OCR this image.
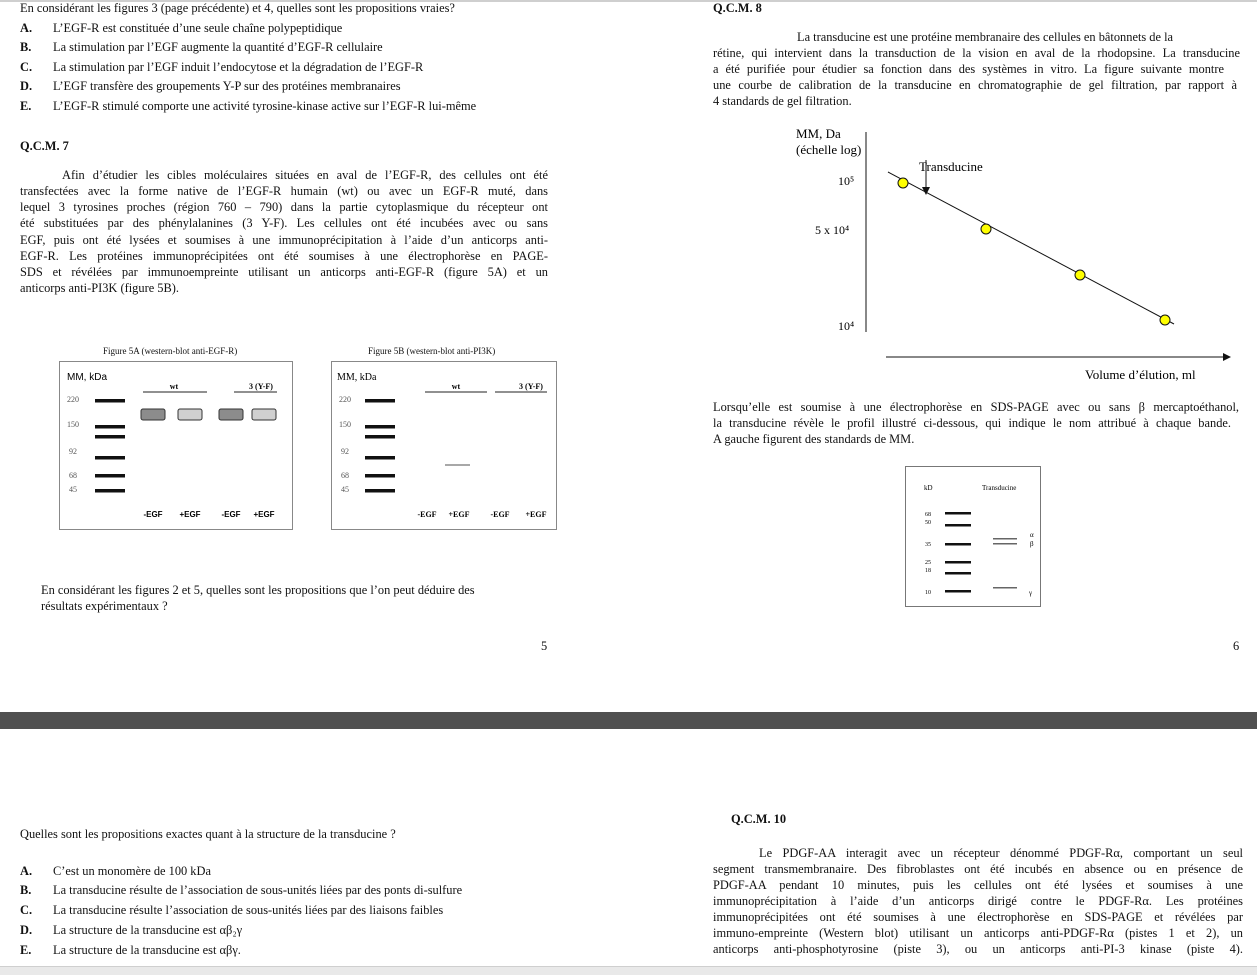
En considérant les figures 3 (page précédente) et 4, quelles sont les propositions vraies?
A. L’EGF-R est constituée d’une seule chaîne polypeptidique
B. La stimulation par l’EGF augmente la quantité d’EGF-R cellulaire
C. La stimulation par l’EGF induit l’endocytose et la dégradation de l’EGF-R
D. L’EGF transfère des groupements Y-P sur des protéines membranaires
E. L’EGF-R stimulé comporte une activité tyrosine-kinase active sur l’EGF-R lui-même
Q.C.M. 7
Afin d’étudier les cibles moléculaires situées en aval de l’EGF-R, des cellules ont été
transfectées avec la forme native de l’EGF-R humain (wt) ou avec un EGF-R muté, dans
lequel 3 tyrosines proches (région 760 – 790) dans la partie cytoplasmique du récepteur ont
été substituées par des phénylalanines (3 Y-F). Les cellules ont été incubées avec ou sans
EGF, puis ont été lysées et soumises à une immunoprécipitation à l’aide d’un anticorps anti-
EGF-R. Les protéines immunoprécipitées ont été soumises à une électrophorèse en PAGE-
SDS et révélées par immunoempreinte utilisant un anticorps anti-EGF-R (figure 5A) et un
anticorps anti-PI3K (figure 5B).
Figure 5A (western-blot anti-EGF-R)
MM, kDa
wt	3 (Y-F)
220
150
92
68
45
-EGF +EGF	-EGF +EGF
Figure 5B (western-blot anti-PI3K)
MM, kDa
wt	3 (Y-F)
220
150
92
68
45
-EGF +EGF	-EGF +EGF
En considérant les figures 2 et 5, quelles sont les propositions que l’on peut déduire des
résultats expérimentaux ?
5
Q.C.M. 8
La transducine est une protéine membranaire des cellules en bâtonnets de la
rétine, qui intervient dans la transduction de la vision en aval de la rhodopsine. La transducine
a été purifiée pour étudier sa fonction dans des systèmes in vitro. La figure suivante montre
une courbe de calibration de la transducine en chromatographie de gel filtration, par rapport à
4 standards de gel filtration.
MM, Da
(échelle log)
10⁵
5 x 10⁴
10⁴
Transducine
Volume d’élution, ml
Lorsqu’elle est soumise à une électrophorèse en SDS-PAGE avec ou sans β mercaptoéthanol,
la transducine révèle le profil illustré ci-dessous, qui indique le nom attribué à chaque bande.
A gauche figurent des standards de MM.
kD	Transducine
68
50
35
25
18
10
α
β
γ
6
Quelles sont les propositions exactes quant à la structure de la transducine ?
A. C’est un monomère de 100 kDa
B. La transducine résulte de l’association de sous-unités liées par des ponts di-sulfure
C. La transducine résulte l’association de sous-unités liées par des liaisons faibles
D. La structure de la transducine est αβ₂γ
E. La structure de la transducine est αβγ.
Q.C.M. 10
Le PDGF-AA interagit avec un récepteur dénommé PDGF-Rα, comportant un seul
segment transmembranaire. Des fibroblastes ont été incubés en absence ou en présence de
PDGF-AA pendant 10 minutes, puis les cellules ont été lysées et soumises à une
immunoprécipitation à l’aide d’un anticorps dirigé contre le PDGF-Rα. Les protéines
immunoprécipitées ont été soumises à une électrophorèse en SDS-PAGE et révélées par
immuno-empreinte (Western blot) utilisant un anticorps anti-PDGF-Rα (pistes 1 et 2), un
anticorps anti-phosphotyrosine (piste 3), ou un anticorps anti-PI-3 kinase (piste 4).
